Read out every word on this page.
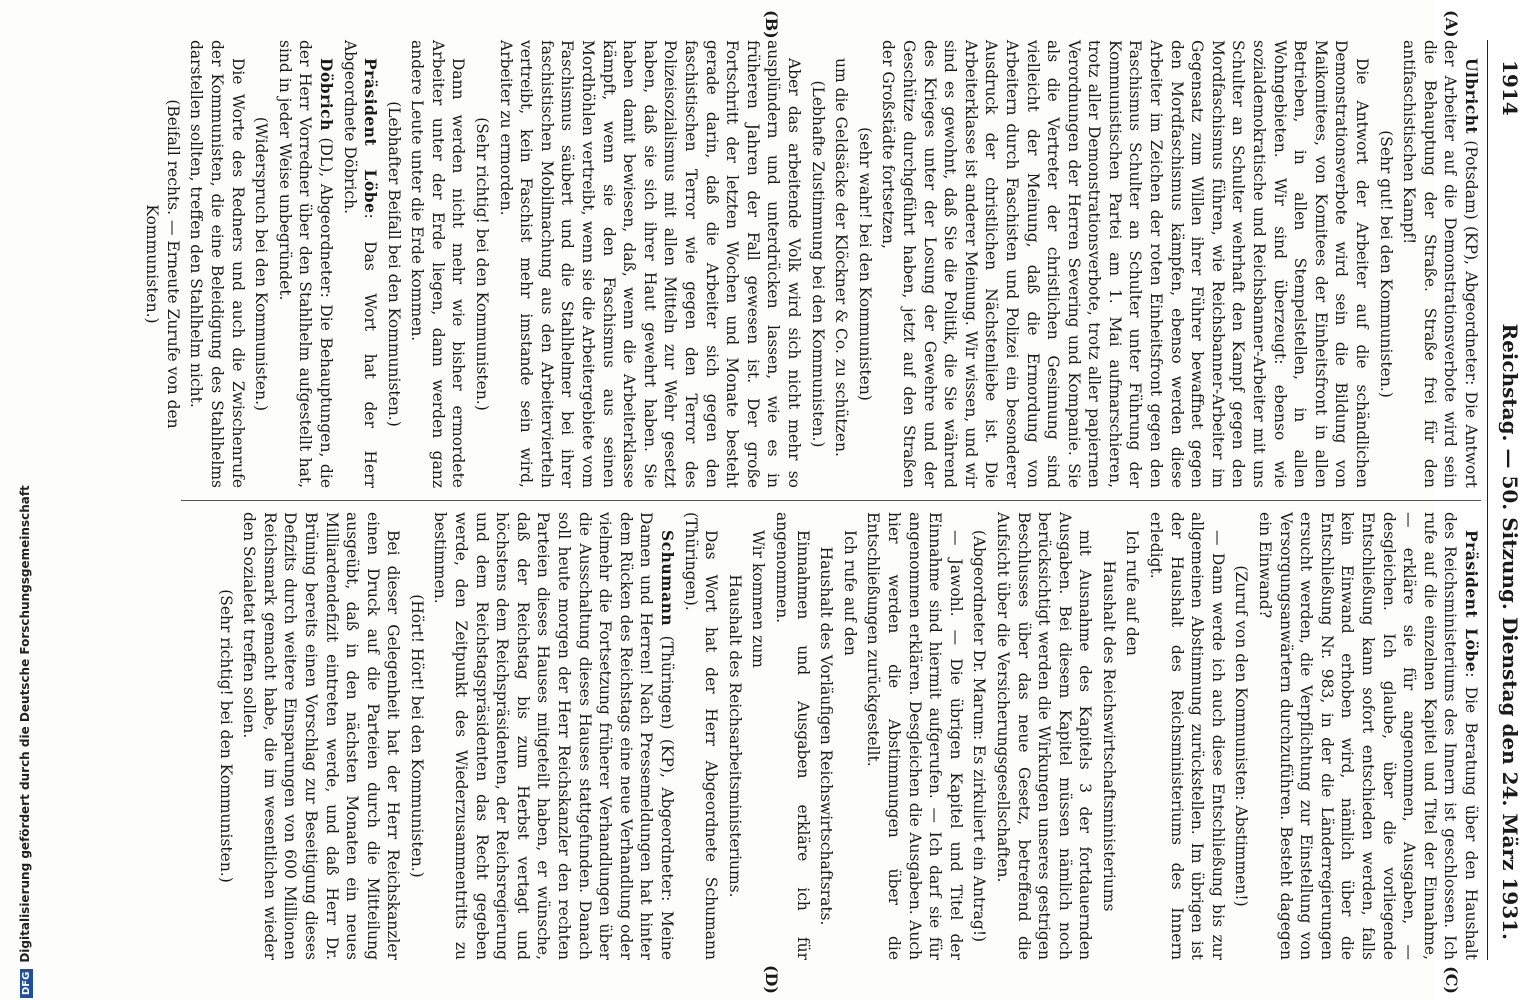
1914
Reichstag. — 50. Sitzung. Dienstag den 24. März 1931.

Ulbricht (Potsdam) (KP), Abgeordneter: Die Antwort der Arbeiter auf die Demonstrationsverbote wird sein die Behauptung der Straße. Straße frei für den antifaschistischen Kampf!

(Sehr gut! bei den Kommunisten.)

Die Antwort der Arbeiter auf die schändlichen Demonstrationsverbote wird sein die Bildung von Maikomitees, von Komitees der Einheitsfront in allen Betrieben, in allen Stempelstellen, in allen Wohngebieten. Wir sind überzeugt: ebenso wie sozialdemokratische und Reichsbanner-Arbeiter mit uns Schulter an Schulter wehrhaft den Kampf gegen den Mordfaschismus führen, wie Reichsbanner-Arbeiter im Gegensatz zum Willen ihrer Führer bewaffnet gegen den Mordfaschismus kämpfen, ebenso werden diese Arbeiter im Zeichen der roten Einheitsfront gegen den Faschismus Schulter an Schulter unter Führung der Kommunistischen Partei am 1. Mai aufmarschieren, trotz aller Demonstrationsverbote, trotz aller papiernen Verordnungen der Herren Severing und Kompanie. Sie als die Vertreter der christlichen Gesinnung sind vielleicht der Meinung, daß die Ermordung von Arbeitern durch Faschisten und Polizei ein besonderer Ausdruck der christlichen Nächstenliebe ist. Die Arbeiterklasse ist anderer Meinung. Wir wissen, und wir sind es gewohnt, daß Sie die Politik, die Sie während des Krieges unter der Losung der Gewehre und der Geschütze durchgeführt haben, jetzt auf den Straßen der Großstädte fortsetzen,

(sehr wahr! bei den Kommunisten)

um die Geldsäcke der Klöckner & Co. zu schützen.

(Lebhafte Zustimmung bei den Kommunisten.)

Aber das arbeitende Volk wird sich nicht mehr so ausplündern und unterdrücken lassen, wie es in früheren Jahren der Fall gewesen ist. Der große Fortschritt der letzten Wochen und Monate besteht gerade darin, daß die Arbeiter sich gegen den faschistischen Terror wie gegen den Terror des Polizeisozialismus mit allen Mitteln zur Wehr gesetzt haben, daß sie sich ihrer Haut gewehrt haben. Sie haben damit bewiesen, daß, wenn die Arbeiterklasse kämpft, wenn sie den Faschismus aus seinen Mordhöhlen vertreibt, wenn sie die Arbeitergebiete vom Faschismus säubert und die Stahlhelmer bei ihrer faschistischen Mobilmachung aus den Arbeitervierteln vertreibt, kein Faschist mehr imstande sein wird, Arbeiter zu ermorden.

(Sehr richtig! bei den Kommunisten.)

Dann werden nicht mehr wie bisher ermordete Arbeiter unter der Erde liegen, dann werden ganz andere Leute unter die Erde kommen.

(Lebhafter Beifall bei den Kommunisten.)

Präsident Löbe: Das Wort hat der Herr Abgeordnete Döbrich.

Döbrich (DL), Abgeordneter: Die Behauptungen, die der Herr Vorredner über den Stahlhelm aufgestellt hat, sind in jeder Weise unbegründet.

(Widerspruch bei den Kommunisten.)

Die Worte des Redners und auch die Zwischenrufe der Kommunisten, die eine Beleidigung des Stahlhelms darstellen sollten, treffen den Stahlhelm nicht.

(Beifall rechts. — Erneute Zurufe von den Kommunisten.)

Präsident Löbe: Die Beratung über den Haushalt des Reichsministeriums des Innern ist geschlossen. Ich rufe auf die einzelnen Kapitel und Titel der Einnahme, — erkläre sie für angenommen, Ausgaben, — desgleichen. Ich glaube, über die vorliegende Entschließung kann sofort entschieden werden, falls kein Einwand erhoben wird, nämlich über die Entschließung Nr. 983, in der die Länderregierungen ersucht werden, die Verpflichtung zur Einstellung von Versorgungsanwärtern durchzuführen. Besteht dagegen ein Einwand?

(Zuruf von den Kommunisten: Abstimmen!)

— Dann werde ich auch diese Entschließung bis zur allgemeinen Abstimmung zurückstellen. Im übrigen ist der Haushalt des Reichsministeriums des Innern erledigt.

Ich rufe auf den

Haushalt des Reichswirtschaftsministeriums

mit Ausnahme des Kapitels 3 der fortdauernden Ausgaben. Bei diesem Kapitel müssen nämlich noch berücksichtigt werden die Wirkungen unseres gestrigen Beschlusses über das neue Gesetz, betreffend die Aufsicht über die Versicherungsgesellschaften.

(Abgeordneter Dr. Marum: Es zirkuliert ein Antrag!)

— Jawohl. — Die übrigen Kapitel und Titel der Einnahme sind hiermit aufgerufen. — Ich darf sie für angenommen erklären. Desgleichen die Ausgaben. Auch hier werden die Abstimmungen über die Entschließungen zurückgestellt.

Ich rufe auf den

Haushalt des Vorläufigen Reichswirtschaftsrats.

Einnahmen und Ausgaben erkläre ich für angenommen.

Wir kommen zum

Haushalt des Reichsarbeitsministeriums.

Das Wort hat der Herr Abgeordnete Schumann (Thüringen).

Schumann (Thüringen) (KP), Abgeordneter: Meine Damen und Herren! Nach Pressemeldungen hat hinter dem Rücken des Reichstags eine neue Verhandlung oder vielmehr die Fortsetzung früherer Verhandlungen über die Ausschaltung dieses Hauses stattgefunden. Danach soll heute morgen der Herr Reichskanzler den rechten Parteien dieses Hauses mitgeteilt haben, er wünsche, daß der Reichstag bis zum Herbst vertagt und höchstens dem Reichspräsidenten, der Reichsregierung und dem Reichstagspräsidenten das Recht gegeben werde, den Zeitpunkt des Wiederzusammentritts zu bestimmen.

(Hört! Hört! bei den Kommunisten.)

Bei dieser Gelegenheit hat der Herr Reichskanzler einen Druck auf die Parteien durch die Mitteilung ausgeübt, daß in den nächsten Monaten ein neues Milliardendefizit eintreten werde, und daß Herr Dr. Brüning bereits einen Vorschlag zur Beseitigung dieses Defizits durch weitere Einsparungen von 600 Millionen Reichsmark gemacht habe, die im wesentlichen wieder den Sozialetat treffen sollen.

(Sehr richtig! bei den Kommunisten.)

(A)
(B)
(C)
(D)
DFGDigitalisierung gefördert durch die Deutsche Forschungsgemeinschaft
